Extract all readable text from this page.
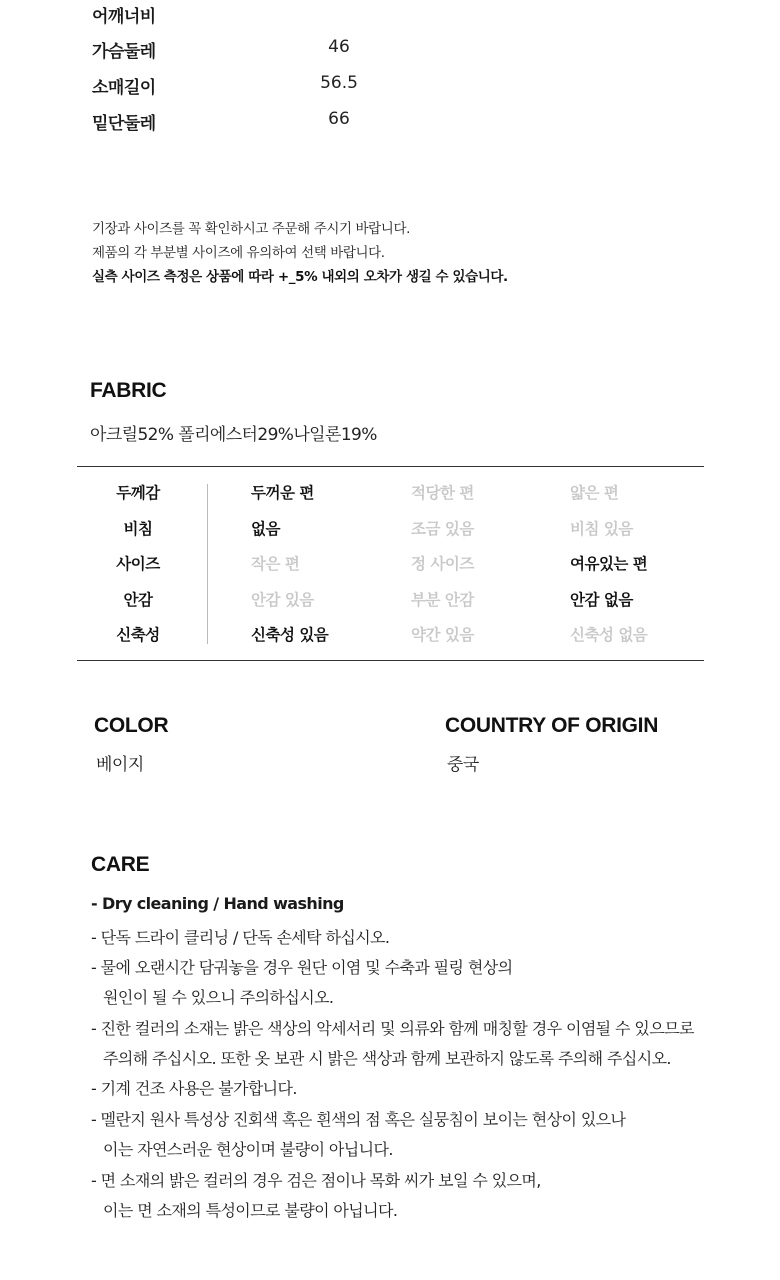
어깨너비
가슴둘레	46
소매길이	56.5
밑단둘레	66
기장과 사이즈를 꼭 확인하시고 주문해 주시기 바랍니다.
제품의 각 부분별 사이즈에 유의하여 선택 바랍니다.
실측 사이즈 측정은 상품에 따라 +_5% 내외의 오차가 생길 수 있습니다.
FABRIC
아크릴52% 폴리에스터29%나일론19%
두께감	두꺼운 편	적당한 편	얇은 편
비침	없음	조금 있음	비침 있음
사이즈	작은 편	정 사이즈	여유있는 편
안감	안감 있음	부분 안감	안감 없음
신축성	신축성 있음	약간 있음	신축성 없음
COLOR
베이지
COUNTRY OF ORIGIN
중국
CARE
- Dry cleaning / Hand washing
- 단독 드라이 클리닝 / 단독 손세탁 하십시오.
- 물에 오랜시간 담궈놓을 경우 원단 이염 및 수축과 필링 현상의
원인이 될 수 있으니 주의하십시오.
- 진한 컬러의 소재는 밝은 색상의 악세서리 및 의류와 함께 매칭할 경우 이염될 수 있으므로
주의해 주십시오. 또한 옷 보관 시 밝은 색상과 함께 보관하지 않도록 주의해 주십시오.
- 기계 건조 사용은 불가합니다.
- 멜란지 원사 특성상 진회색 혹은 흰색의 점 혹은 실뭉침이 보이는 현상이 있으나
이는 자연스러운 현상이며 불량이 아닙니다.
- 면 소재의 밝은 컬러의 경우 검은 점이나 목화 씨가 보일 수 있으며,
이는 면 소재의 특성이므로 불량이 아닙니다.
